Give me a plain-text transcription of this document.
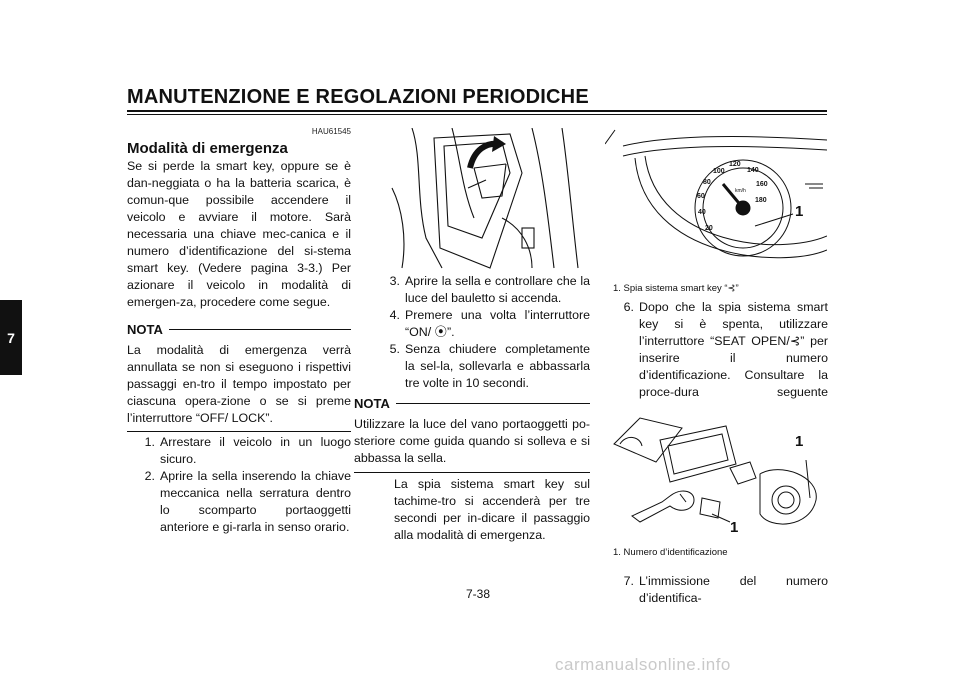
MANUTENZIONE E REGOLAZIONI PERIODICHE
7
HAU61545
Modalità di emergenza
Se si perde la smart key, oppure se è dan-neggiata o ha la batteria scarica, è comun-que possibile accendere il veicolo e avviare il motore. Sarà necessaria una chiave mec-canica e il numero d’identificazione del si-stema smart key. (Vedere pagina 3-3.) Per azionare il veicolo in modalità di emergen-za, procedere come segue.
NOTA
La modalità di emergenza verrà annullata se non si eseguono i rispettivi passaggi en-tro il tempo impostato per ciascuna opera-zione o se si preme l’interruttore “OFF/ LOCK”.
1. Arrestare il veicolo in un luogo sicuro.
2. Aprire la sella inserendo la chiave meccanica nella serratura dentro lo scomparto portaoggetti anteriore e gi-rarla in senso orario.
3. Aprire la sella e controllare che la luce del bauletto si accenda.
4. Premere una volta l’interruttore “ON/ ⦿”.
5. Senza chiudere completamente la sel-la, sollevarla e abbassarla tre volte in 10 secondi.
NOTA
Utilizzare la luce del vano portaoggetti po-steriore come guida quando si solleva e si abbassa la sella.
La spia sistema smart key sul tachime-tro si accenderà per tre secondi per in-dicare il passaggio alla modalità di emergenza.
20
40
60
80
100
120
140
160
180
km/h
1
1. Spia sistema smart key “⊰”
6. Dopo che la spia sistema smart key si è spenta, utilizzare l’interruttore “SEAT OPEN/⊰” per inserire il numero d’identificazione. Consultare la proce-dura seguente
1
1
1. Numero d’identificazione
7. L’immissione del numero d’identifica-
7-38
carmanualsonline.info
